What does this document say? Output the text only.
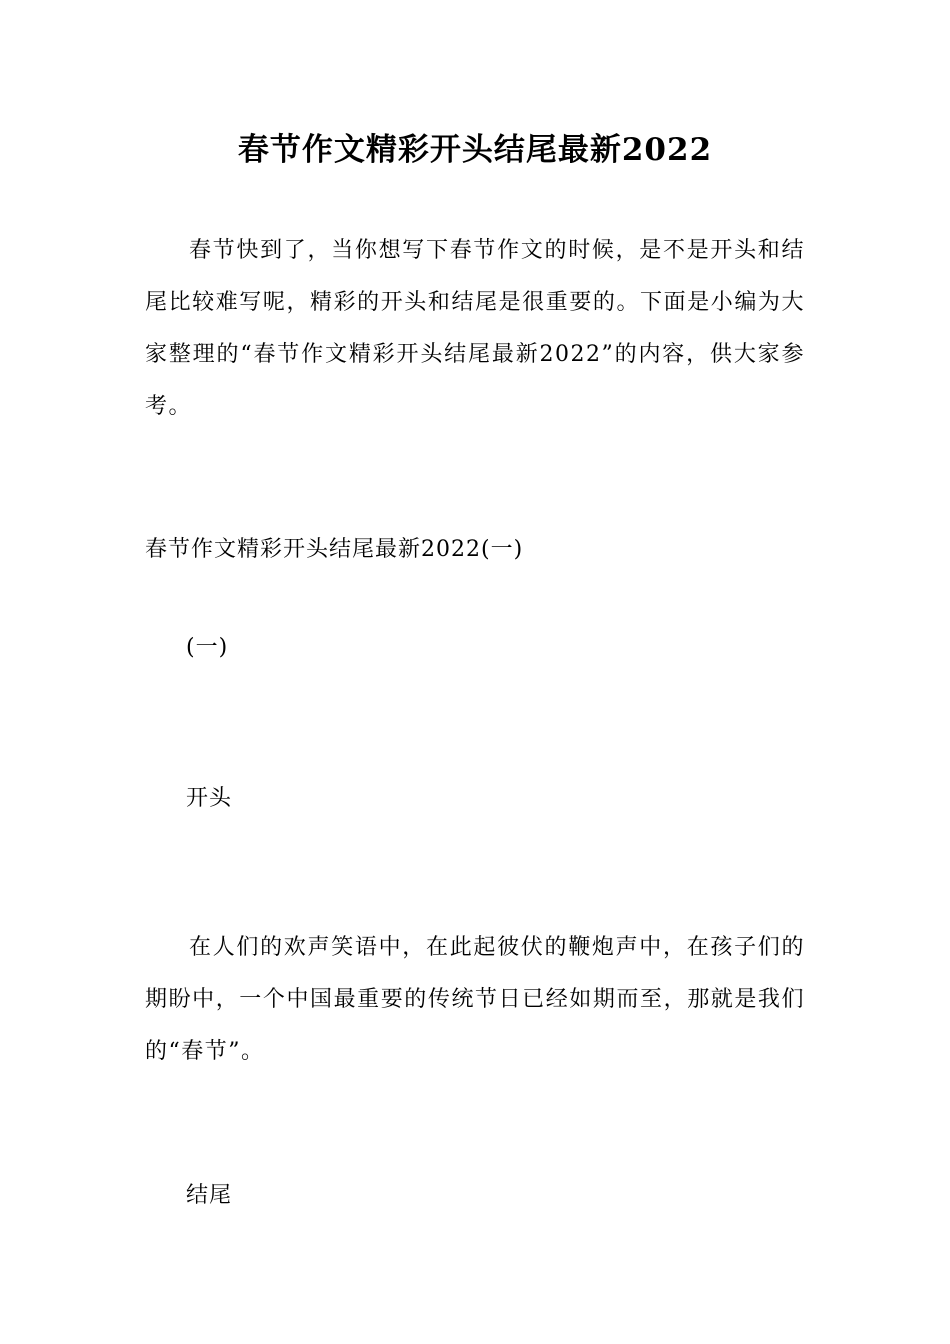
春节作文精彩开头结尾最新2022

春节快到了，当你想写下春节作文的时候，是不是开头和结尾比较难写呢，精彩的开头和结尾是很重要的。下面是小编为大家整理的“春节作文精彩开头结尾最新2022”的内容，供大家参考。

春节作文精彩开头结尾最新2022(一)
(一)
开头

在人们的欢声笑语中，在此起彼伏的鞭炮声中，在孩子们的期盼中，一个中国最重要的传统节日已经如期而至，那就是我们的“春节”。

结尾
